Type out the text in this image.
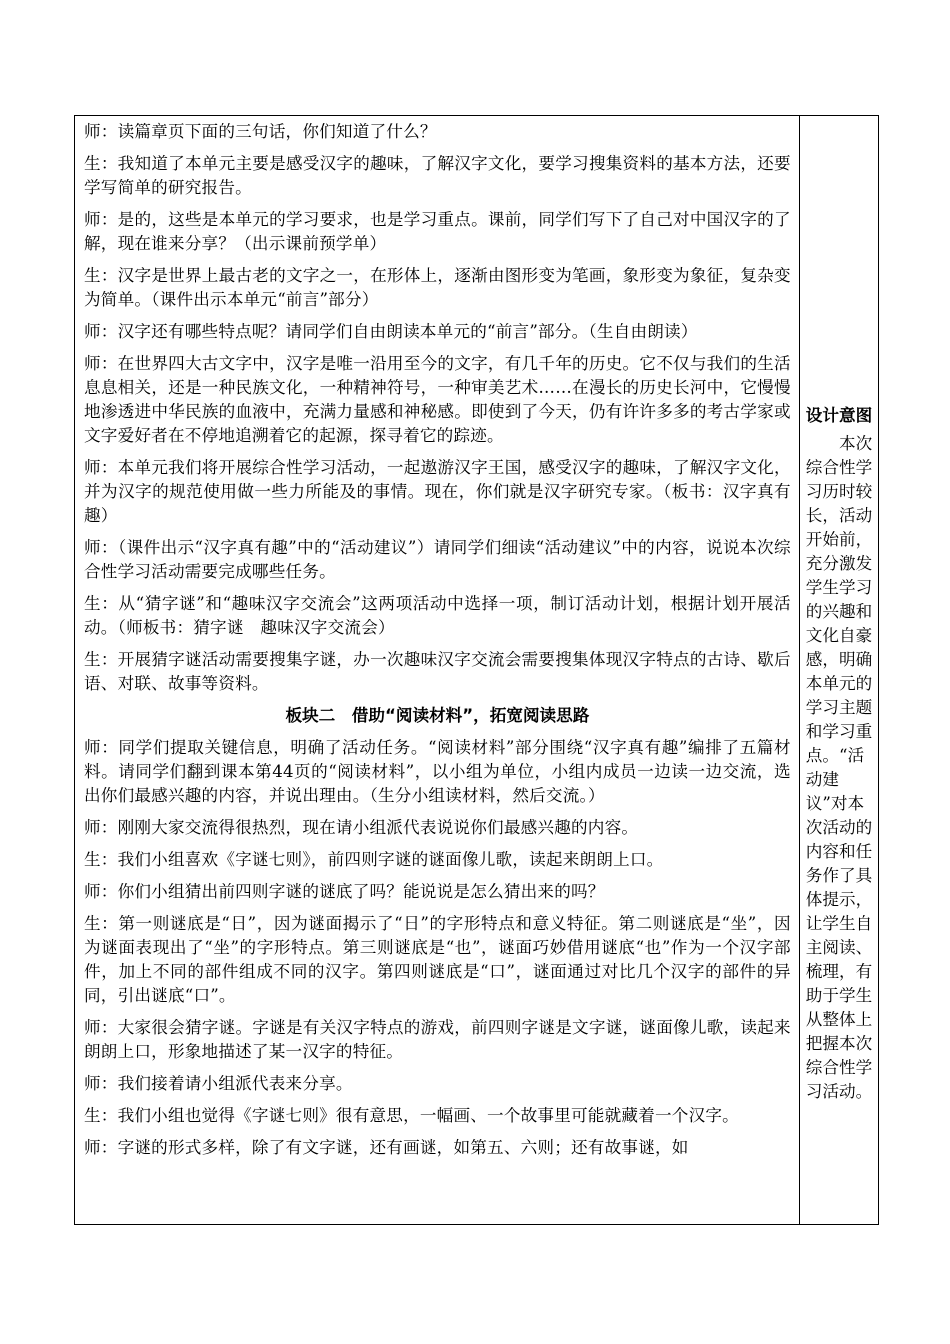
师：读篇章页下面的三句话，你们知道了什么？

生：我知道了本单元主要是感受汉字的趣味，了解汉字文化，要学习搜集资料的基本方法，还要学写简单的研究报告。

师：是的，这些是本单元的学习要求，也是学习重点。课前，同学们写下了自己对中国汉字的了解，现在谁来分享？（出示课前预学单）

生：汉字是世界上最古老的文字之一，在形体上，逐渐由图形变为笔画，象形变为象征，复杂变为简单。（课件出示本单元“前言”部分）

师：汉字还有哪些特点呢？请同学们自由朗读本单元的“前言”部分。（生自由朗读）

师：在世界四大古文字中，汉字是唯一沿用至今的文字，有几千年的历史。它不仅与我们的生活息息相关，还是一种民族文化，一种精神符号，一种审美艺术……在漫长的历史长河中，它慢慢地渗透进中华民族的血液中，充满力量感和神秘感。即使到了今天，仍有许许多多的考古学家或文字爱好者在不停地追溯着它的起源，探寻着它的踪迹。

师：本单元我们将开展综合性学习活动，一起遨游汉字王国，感受汉字的趣味，了解汉字文化，并为汉字的规范使用做一些力所能及的事情。现在，你们就是汉字研究专家。（板书：汉字真有趣）

师：（课件出示“汉字真有趣”中的“活动建议”）请同学们细读“活动建议”中的内容，说说本次综合性学习活动需要完成哪些任务。

生：从“猜字谜”和“趣味汉字交流会”这两项活动中选择一项，制订活动计划，根据计划开展活动。（师板书：猜字谜　趣味汉字交流会）

生：开展猜字谜活动需要搜集字谜，办一次趣味汉字交流会需要搜集体现汉字特点的古诗、歇后语、对联、故事等资料。

板块二　借助“阅读材料”，拓宽阅读思路

师：同学们提取关键信息，明确了活动任务。“阅读材料”部分围绕“汉字真有趣”编排了五篇材料。请同学们翻到课本第44页的“阅读材料”，以小组为单位，小组内成员一边读一边交流，选出你们最感兴趣的内容，并说出理由。（生分小组读材料，然后交流。）

师：刚刚大家交流得很热烈，现在请小组派代表说说你们最感兴趣的内容。

生：我们小组喜欢《字谜七则》，前四则字谜的谜面像儿歌，读起来朗朗上口。

师：你们小组猜出前四则字谜的谜底了吗？能说说是怎么猜出来的吗？

生：第一则谜底是“日”，因为谜面揭示了“日”的字形特点和意义特征。第二则谜底是“坐”，因为谜面表现出了“坐”的字形特点。第三则谜底是“也”，谜面巧妙借用谜底“也”作为一个汉字部件，加上不同的部件组成不同的汉字。第四则谜底是“口”，谜面通过对比几个汉字的部件的异同，引出谜底“口”。

师：大家很会猜字谜。字谜是有关汉字特点的游戏，前四则字谜是文字谜，谜面像儿歌，读起来朗朗上口，形象地描述了某一汉字的特征。

师：我们接着请小组派代表来分享。

生：我们小组也觉得《字谜七则》很有意思，一幅画、一个故事里可能就藏着一个汉字。

师：字谜的形式多样，除了有文字谜，还有画谜，如第五、六则；还有故事谜，如

设计意图

本次综合性学习历时较长，活动开始前，充分激发学生学习的兴趣和文化自豪感，明确本单元的学习主题和学习重点。“活动建议”对本次活动的内容和任务作了具体提示，让学生自主阅读、梳理，有助于学生从整体上把握本次综合性学习活动。
